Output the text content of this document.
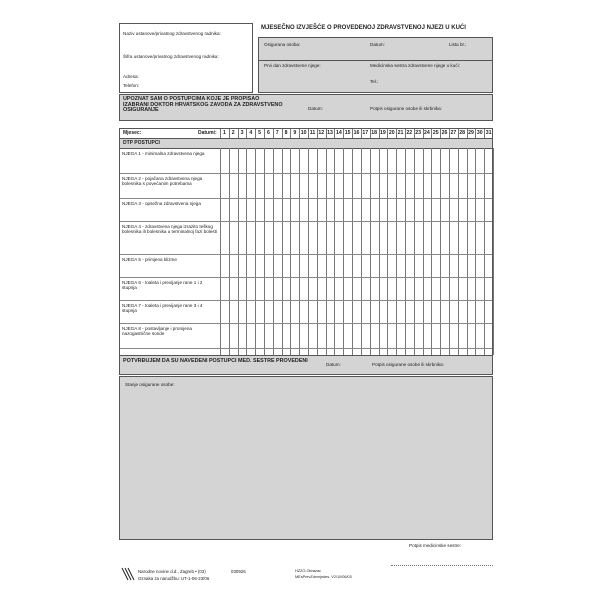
Naziv ustanove/privatnog zdravstvenog radnika:
Šifra ustanove/privatnog zdravstvenog radnika:
Adresa:
Telefon:
MJESEČNO IZVJEŠĆE O PROVEDENOJ ZDRAVSTVENOJ NJEZI U KUĆI
Osigurana osoba:	Datum:	Lista br.:
Prvi dan zdravstvene njege:	Medicinska sestra zdravstvene njege u kući:
Tel.:
UPOZNAT SAM O POSTUPCIMA KOJE JE PROPISAO IZABRANI DOKTOR HRVATSKOG ZAVODA ZA ZDRAVSTVENO OSIGURANJE	Datum:	Potpis osigurane osobe ili skrbnika:
Mjesec:	Datumi:	1	2	3	4	5	6	7	8	9 10 11 12 13 14 15 16 17 18 19 20 21 22 23 24 25 26 27 28 29 30 31
DTP POSTUPCI
NJEGA 1 - minimalna zdravstvena njega
NJEGA 2 - pojačana zdravstvena njega bolesnika s povećanim potrebama
NJEGA 3 - opsežna zdravstvena njega
NJEGA 4 - zdravstvena njega izrazito teškog bolesnika ili bolesnika u terminalnoj fazi bolesti
NJEGA 5 - primjena klizme
NJEGA 6 - toaleta i previjanje rane 1 i 2 stupnja
NJEGA 7 - toaleta i previjanje rane 3 i 4 stupnja
NJEGA 8 - postavljanje i promjena nazogastrične sonde
POTVRĐUJEM DA SU NAVEDENI POSTUPCI MED. SESTRE PROVEDENI
Datum:	Potpis osigurane osobe ili skrbnika:
Stanje osigurane osobe:
Potpis medicinske sestre:
Narodne novine d.d., Zagreb • (03)	030926
Oznaka za narudžbu: UT-1-06-23/06
HZZO-Obrazac
MEsPrevZdrvnjedes. V2/10/06/03
